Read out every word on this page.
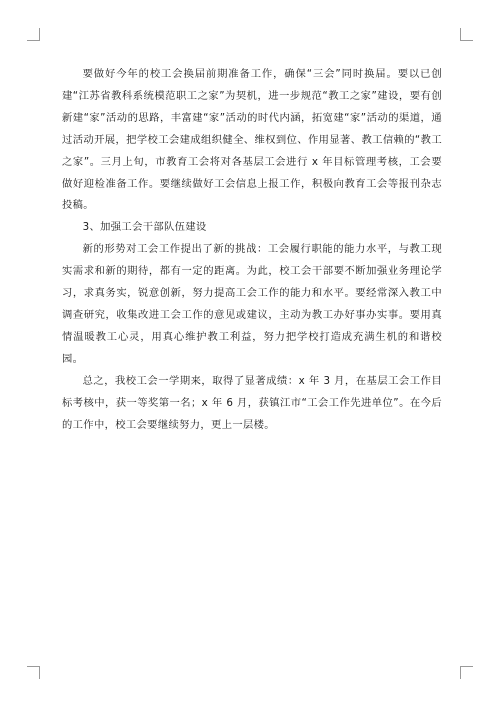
要做好今年的校工会换届前期准备工作，确保“三会”同时换届。要以已创建“江苏省教科系统模范职工之家”为契机，进一步规范“教工之家”建设，要有创新建“家”活动的思路，丰富建“家”活动的时代内涵，拓宽建“家”活动的渠道，通过活动开展，把学校工会建成组织健全、维权到位、作用显著、教工信赖的“教工之家”。三月上旬，市教育工会将对各基层工会进行 x 年目标管理考核，工会要做好迎检准备工作。要继续做好工会信息上报工作，积极向教育工会等报刊杂志投稿。

3、加强工会干部队伍建设

新的形势对工会工作提出了新的挑战：工会履行职能的能力水平，与教工现实需求和新的期待，都有一定的距离。为此，校工会干部要不断加强业务理论学习，求真务实，锐意创新，努力提高工会工作的能力和水平。要经常深入教工中调查研究，收集改进工会工作的意见或建议，主动为教工办好事办实事。要用真情温暖教工心灵，用真心维护教工利益，努力把学校打造成充满生机的和谐校园。

总之，我校工会一学期来，取得了显著成绩：x 年 3 月，在基层工会工作目标考核中，获一等奖第一名；x 年 6 月，获镇江市“工会工作先进单位”。在今后的工作中，校工会要继续努力，更上一层楼。
